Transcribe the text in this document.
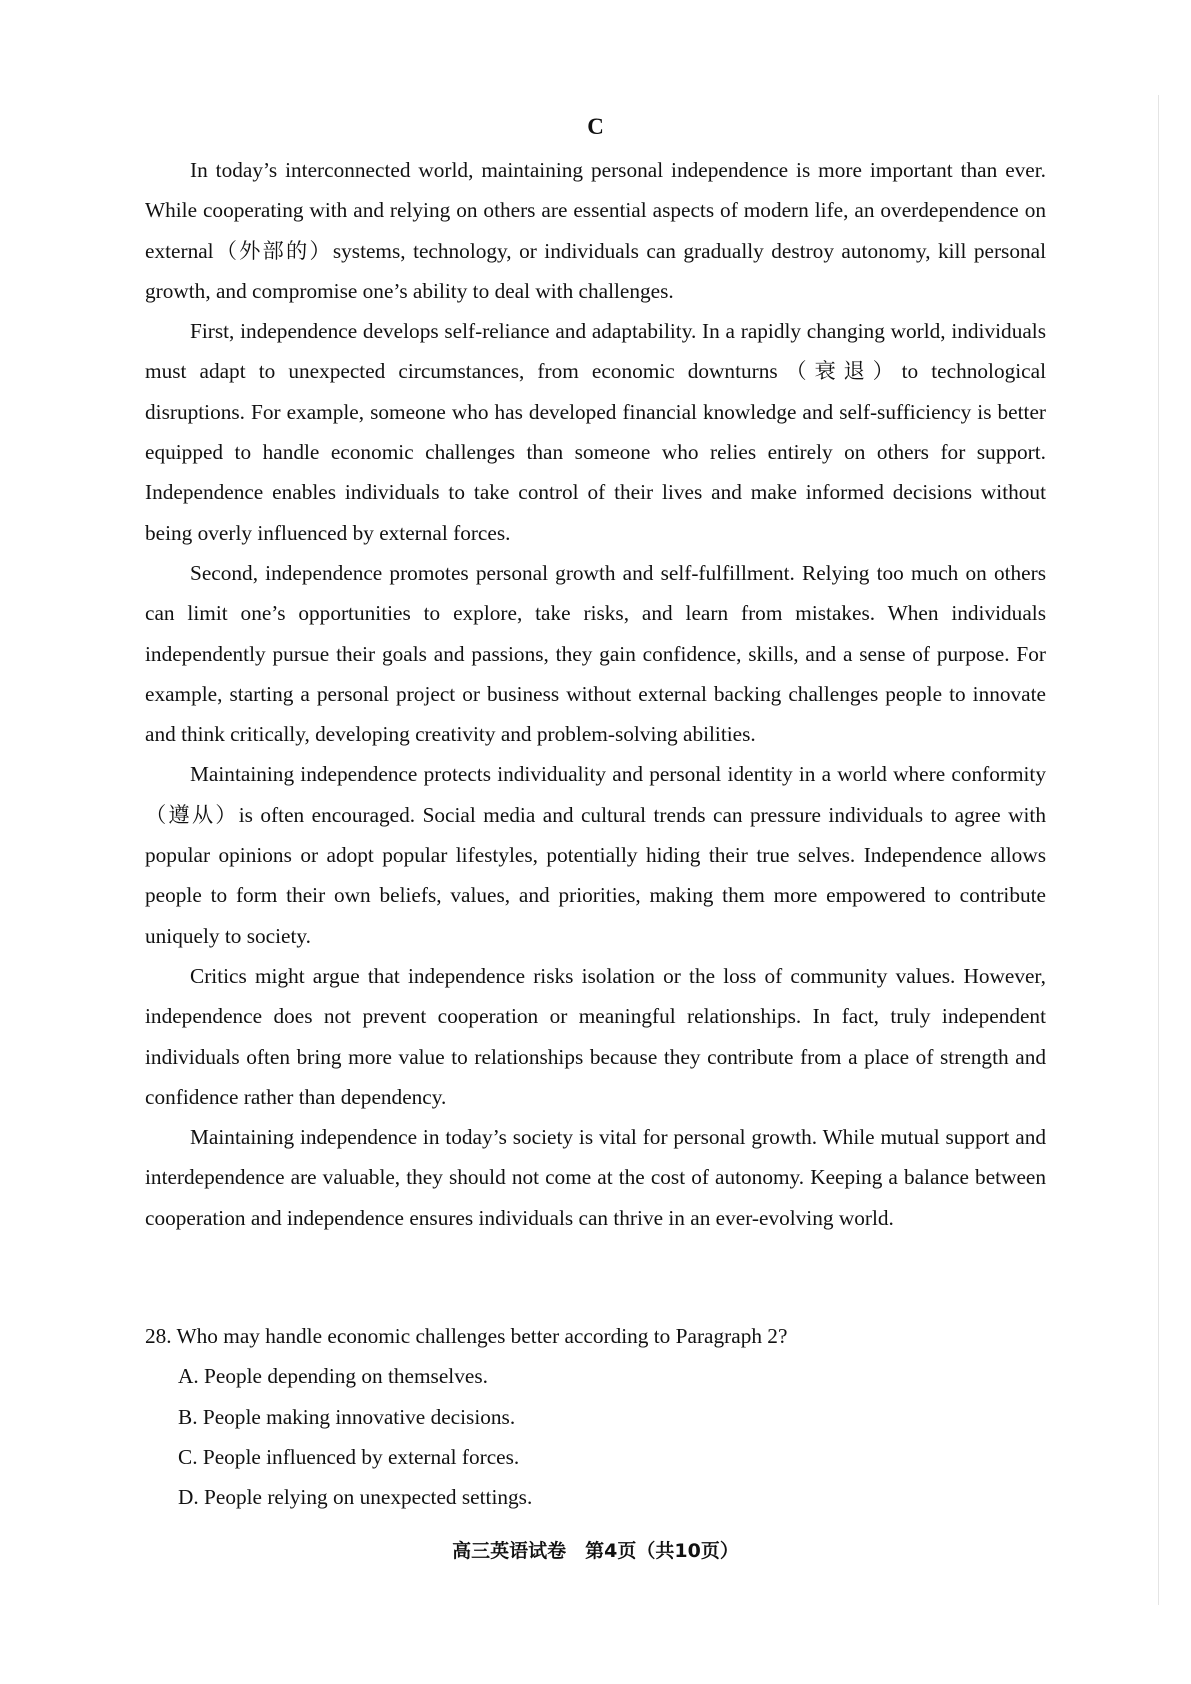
C

In today’s interconnected world, maintaining personal independence is more important than ever. While cooperating with and relying on others are essential aspects of modern life, an overdependence on external（外部的）systems, technology, or individuals can gradually destroy autonomy, kill personal growth, and compromise one’s ability to deal with challenges.

First, independence develops self-reliance and adaptability. In a rapidly changing world, individuals must adapt to unexpected circumstances, from economic downturns（衰退）to technological disruptions. For example, someone who has developed financial knowledge and self-sufficiency is better equipped to handle economic challenges than someone who relies entirely on others for support. Independence enables individuals to take control of their lives and make informed decisions without being overly influenced by external forces.

Second, independence promotes personal growth and self-fulfillment. Relying too much on others can limit one’s opportunities to explore, take risks, and learn from mistakes. When individuals independently pursue their goals and passions, they gain confidence, skills, and a sense of purpose. For example, starting a personal project or business without external backing challenges people to innovate and think critically, developing creativity and problem-solving abilities.

Maintaining independence protects individuality and personal identity in a world where conformity（遵从）is often encouraged. Social media and cultural trends can pressure individuals to agree with popular opinions or adopt popular lifestyles, potentially hiding their true selves. Independence allows people to form their own beliefs, values, and priorities, making them more empowered to contribute uniquely to society.

Critics might argue that independence risks isolation or the loss of community values. However, independence does not prevent cooperation or meaningful relationships. In fact, truly independent individuals often bring more value to relationships because they contribute from a place of strength and confidence rather than dependency.

Maintaining independence in today’s society is vital for personal growth. While mutual support and interdependence are valuable, they should not come at the cost of autonomy. Keeping a balance between cooperation and independence ensures individuals can thrive in an ever-evolving world.

28. Who may handle economic challenges better according to Paragraph 2?

A. People depending on themselves.

B. People making innovative decisions.

C. People influenced by external forces.

D. People relying on unexpected settings.

高三英语试卷　第4页（共10页）
